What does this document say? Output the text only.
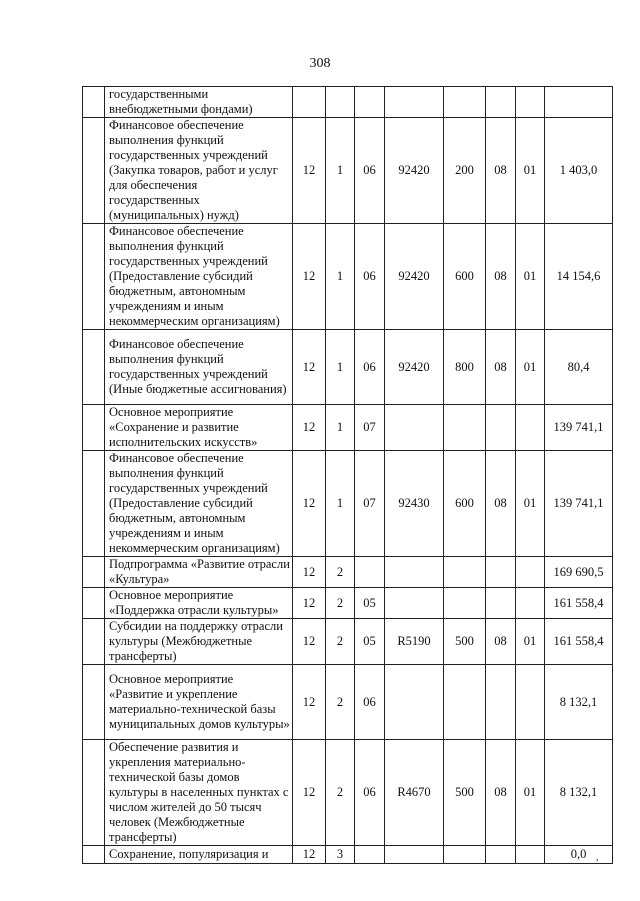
308
	государственными внебюджетными фондами)								
	Финансовое обеспечение выполнения функций государственных учреждений (Закупка товаров, работ и услуг для обеспечения государственных (муниципальных) нужд)	12	1	06	92420	200	08	01	1 403,0
	Финансовое обеспечение выполнения функций государственных учреждений (Предоставление субсидий бюджетным, автономным учреждениям и иным некоммерческим организациям)	12	1	06	92420	600	08	01	14 154,6
	Финансовое обеспечение выполнения функций государственных учреждений (Иные бюджетные ассигнования)	12	1	06	92420	800	08	01	80,4
	Основное мероприятие «Сохранение и развитие исполнительских искусств»	12	1	07					139 741,1
	Финансовое обеспечение выполнения функций государственных учреждений (Предоставление субсидий бюджетным, автономным учреждениям и иным некоммерческим организациям)	12	1	07	92430	600	08	01	139 741,1
	Подпрограмма «Развитие отрасли «Культура»	12	2						169 690,5
	Основное мероприятие «Поддержка отрасли культуры»	12	2	05					161 558,4
	Субсидии на поддержку отрасли культуры (Межбюджетные трансферты)	12	2	05	R5190	500	08	01	161 558,4
	Основное мероприятие «Развитие и укрепление материально-технической базы муниципальных домов культуры»	12	2	06					8 132,1
	Обеспечение развития и укрепления материально-технической базы домов культуры в населенных пунктах с числом жителей до 50 тысяч человек (Межбюджетные трансферты)	12	2	06	R4670	500	08	01	8 132,1
	Сохранение, популяризация и	12	3						0,0 ,
